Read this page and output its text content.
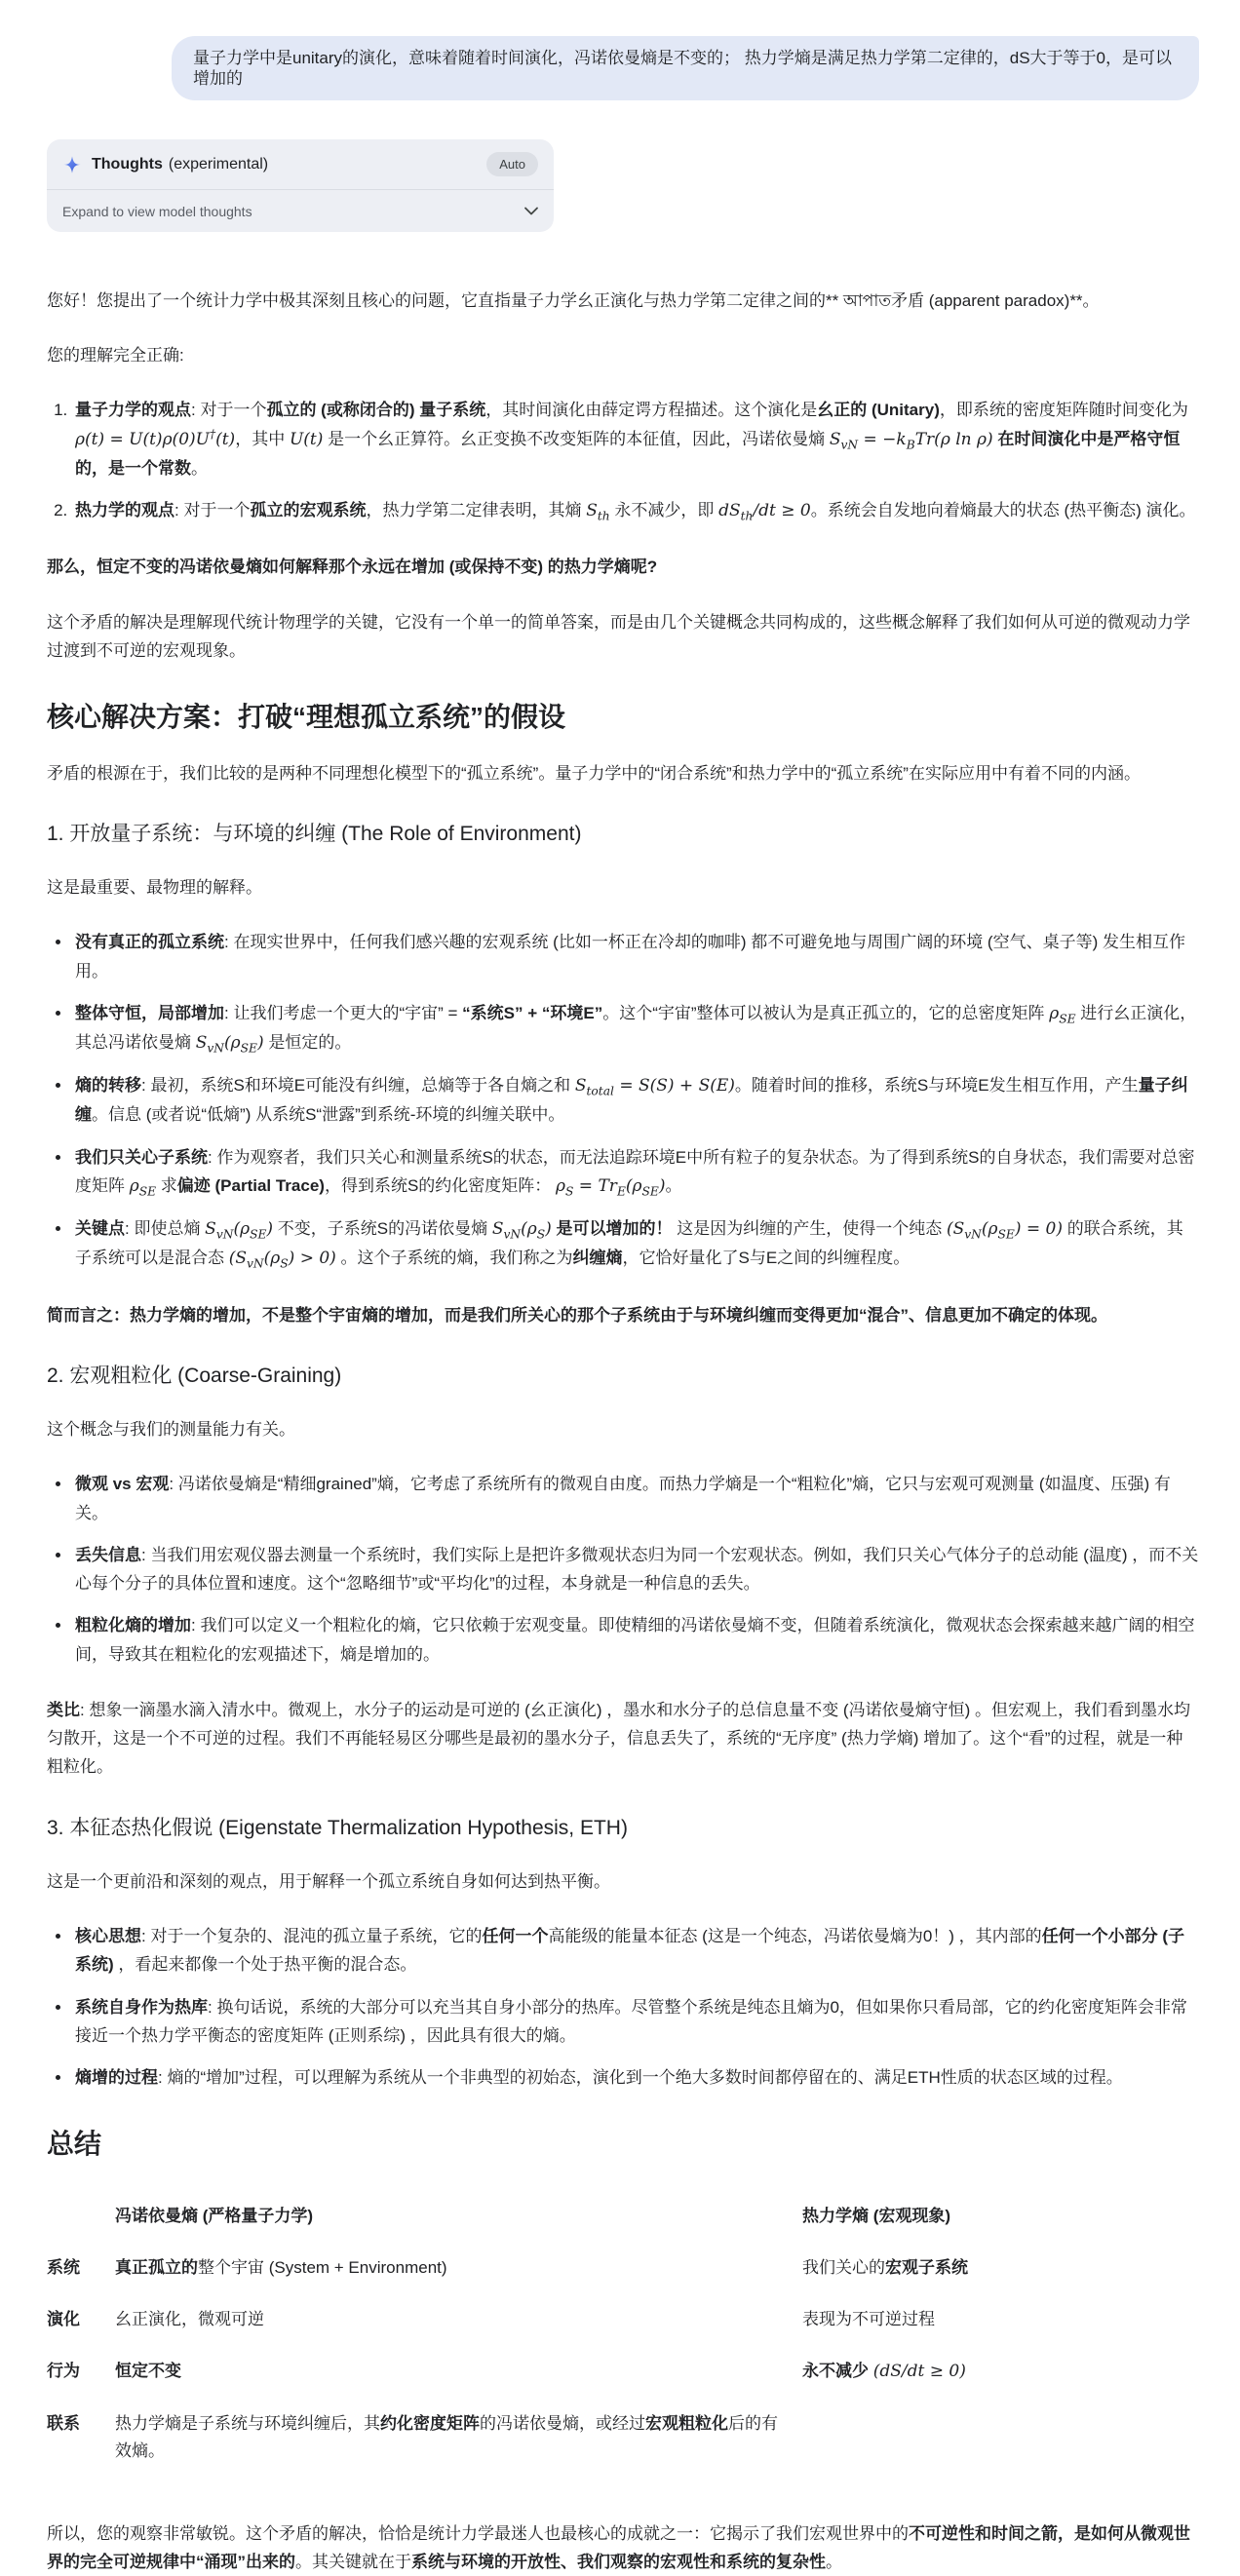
量子力学中是unitary的演化，意味着随着时间演化，冯诺依曼熵是不变的； 热力学熵是满足热力学第二定律的，dS大于等于0，是可以增加的
Thoughts (experimental)	Auto
Expand to view model thoughts

您好！您提出了一个统计力学中极其深刻且核心的问题，它直指量子力学幺正演化与热力学第二定律之间的** আপাত矛盾 (apparent paradox)**。

您的理解完全正确:

1. 量子力学的观点: 对于一个孤立的 (或称闭合的) 量子系统，其时间演化由薛定谔方程描述。这个演化是幺正的 (Unitary)，即系统的密度矩阵随时间变化为 ρ(t) = U(t)ρ(0)U†(t)，其中 U(t) 是一个幺正算符。幺正变换不改变矩阵的本征值，因此，冯诺依曼熵 $S_{vN} = -k_BTr(\rho$ ln ρ) 在时间演化中是严格守恒的，是一个常数。
2. 热力学的观点: 对于一个孤立的宏观系统，热力学第二定律表明，其熵 $S_{th}$ 永不减少，即 $dS_{th}/dt \ge 0$。系统会自发地向着熵最大的状态 (热平衡态) 演化。

那么，恒定不变的冯诺依曼熵如何解释那个永远在增加 (或保持不变) 的热力学熵呢?

这个矛盾的解决是理解现代统计物理学的关键，它没有一个单一的简单答案，而是由几个关键概念共同构成的，这些概念解释了我们如何从可逆的微观动力学过渡到不可逆的宏观现象。

核心解决方案：打破“理想孤立系统”的假设

矛盾的根源在于，我们比较的是两种不同理想化模型下的“孤立系统”。量子力学中的“闭合系统”和热力学中的“孤立系统”在实际应用中有着不同的内涵。

1. 开放量子系统：与环境的纠缠 (The Role of Environment)

这是最重要、最物理的解释。

• 没有真正的孤立系统: 在现实世界中，任何我们感兴趣的宏观系统 (比如一杯正在冷却的咖啡) 都不可避免地与周围广阔的环境 (空气、桌子等) 发生相互作用。
• 整体守恒，局部增加: 让我们考虑一个更大的“宇宙” = “系统S” + “环境E”。这个“宇宙”整体可以被认为是真正孤立的，它的总密度矩阵 $\rho_{SE}$ 进行幺正演化，其总冯诺依曼熵 $S_{vN}(\rho_{SE})$ 是恒定的。
• 熵的转移: 最初，系统S和环境E可能没有纠缠，总熵等于各自熵之和 $S_{total} = S(S) + S(E)$。随着时间的推移，系统S与环境E发生相互作用，产生量子纠缠。信息 (或者说“低熵”) 从系统S“泄露”到系统-环境的纠缠关联中。
• 我们只关心子系统: 作为观察者，我们只关心和测量系统S的状态，而无法追踪环境E中所有粒子的复杂状态。为了得到系统S的自身状态，我们需要对总密度矩阵 $\rho_{SE}$ 求偏迹 (Partial Trace)，得到系统S的约化密度矩阵： $\rho_S = Tr_E(\rho_{SE})$。
• 关键点: 即使总熵 $S_{vN}(\rho_{SE})$ 不变，子系统S的冯诺依曼熵 $S_{vN}(\rho_S)$ 是可以增加的！ 这是因为纠缠的产生，使得一个纯态 $(S_{vN}(\rho_{SE}) = 0)$ 的联合系统，其子系统可以是混合态 $(S_{vN}(\rho_S) > 0)$ 。这个子系统的熵，我们称之为纠缠熵，它恰好量化了S与E之间的纠缠程度。

简而言之：热力学熵的增加，不是整个宇宙熵的增加，而是我们所关心的那个子系统由于与环境纠缠而变得更加“混合”、信息更加不确定的体现。

2. 宏观粗粒化 (Coarse-Graining)

这个概念与我们的测量能力有关。

• 微观 vs 宏观: 冯诺依曼熵是“精细grained”熵，它考虑了系统所有的微观自由度。而热力学熵是一个“粗粒化”熵，它只与宏观可观测量 (如温度、压强) 有关。
• 丢失信息: 当我们用宏观仪器去测量一个系统时，我们实际上是把许多微观状态归为同一个宏观状态。例如，我们只关心气体分子的总动能 (温度) ，而不关心每个分子的具体位置和速度。这个“忽略细节”或“平均化”的过程，本身就是一种信息的丢失。
• 粗粒化熵的增加: 我们可以定义一个粗粒化的熵，它只依赖于宏观变量。即使精细的冯诺依曼熵不变，但随着系统演化，微观状态会探索越来越广阔的相空间，导致其在粗粒化的宏观描述下，熵是增加的。

类比: 想象一滴墨水滴入清水中。微观上，水分子的运动是可逆的 (幺正演化) ，墨水和水分子的总信息量不变 (冯诺依曼熵守恒) 。但宏观上，我们看到墨水均匀散开，这是一个不可逆的过程。我们不再能轻易区分哪些是最初的墨水分子，信息丢失了，系统的“无序度” (热力学熵) 增加了。这个“看”的过程，就是一种粗粒化。

3. 本征态热化假说 (Eigenstate Thermalization Hypothesis, ETH)

这是一个更前沿和深刻的观点，用于解释一个孤立系统自身如何达到热平衡。

• 核心思想: 对于一个复杂的、混沌的孤立量子系统，它的任何一个高能级的能量本征态 (这是一个纯态，冯诺依曼熵为0！) ，其内部的任何一个小部分 (子系统) ，看起来都像一个处于热平衡的混合态。
• 系统自身作为热库: 换句话说，系统的大部分可以充当其自身小部分的热库。尽管整个系统是纯态且熵为0，但如果你只看局部，它的约化密度矩阵会非常接近一个热力学平衡态的密度矩阵 (正则系综) ，因此具有很大的熵。
• 熵增的过程: 熵的“增加”过程，可以理解为系统从一个非典型的初始态，演化到一个绝大多数时间都停留在的、满足ETH性质的状态区域的过程。
总结
	冯诺依曼熵 (严格量子力学)	热力学熵 (宏观现象)
系统	真正孤立的整个宇宙 (System + Environment)	我们关心的宏观子系统
演化	幺正演化，微观可逆	表现为不可逆过程
行为	恒定不变	永不减少 (dS/dt ≥ 0)
联系	热力学熵是子系统与环境纠缠后，其约化密度矩阵的冯诺依曼熵，或经过宏观粗粒化后的有效熵。	

所以，您的观察非常敏锐。这个矛盾的解决，恰恰是统计力学最迷人也最核心的成就之一：它揭示了我们宏观世界中的不可逆性和时间之箭，是如何从微观世界的完全可逆规律中“涌现”出来的。其关键就在于系统与环境的开放性、我们观察的宏观性和系统的复杂性。
